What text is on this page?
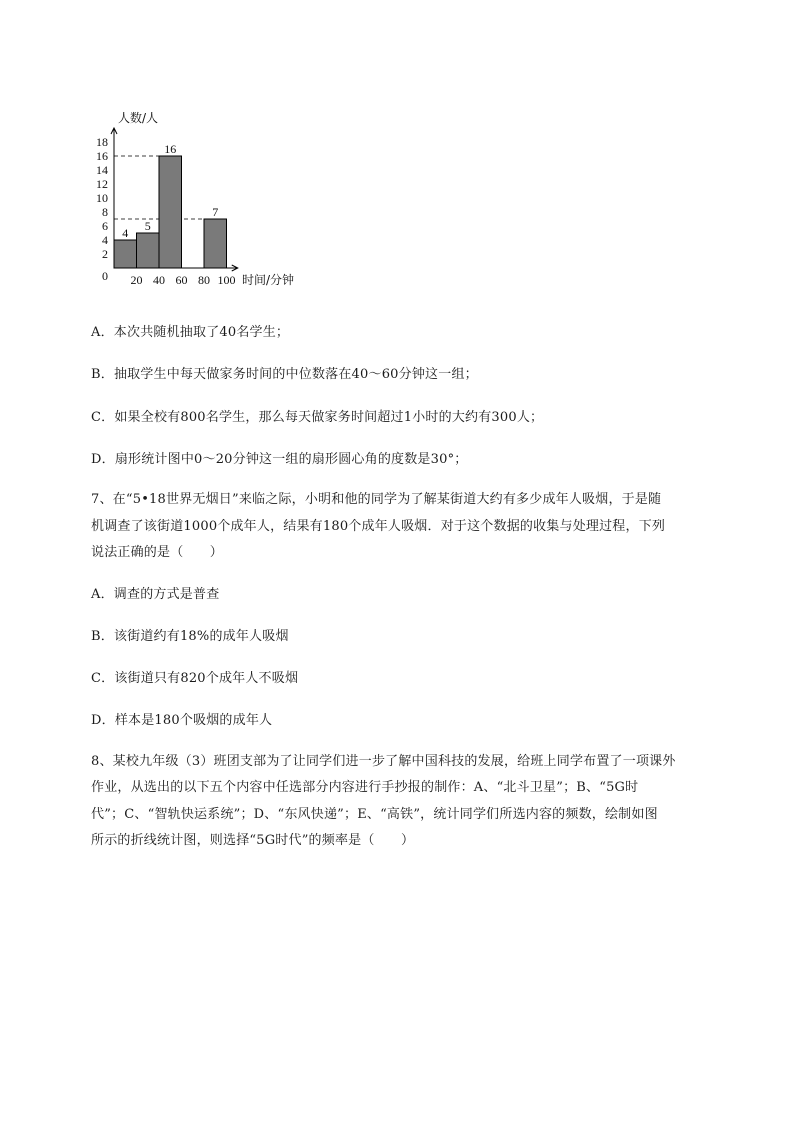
2
4
6
8
10
12
14
16
18
20 40 60 80 100
4 5
16
7
0
人数/人
时间/分钟
A．本次共随机抽取了40名学生；
B．抽取学生中每天做家务时间的中位数落在40～60分钟这一组；
C．如果全校有800名学生，那么每天做家务时间超过1小时的大约有300人；
D．扇形统计图中0～20分钟这一组的扇形圆心角的度数是30°；
7、在“5•18世界无烟日”来临之际，小明和他的同学为了解某街道大约有多少成年人吸烟，于是随
机调查了该街道1000个成年人，结果有180个成年人吸烟．对于这个数据的收集与处理过程，下列
说法正确的是（　　）
A．调查的方式是普查
B．该街道约有18%的成年人吸烟
C．该街道只有820个成年人不吸烟
D．样本是180个吸烟的成年人
8、某校九年级（3）班团支部为了让同学们进一步了解中国科技的发展，给班上同学布置了一项课外
作业，从选出的以下五个内容中任选部分内容进行手抄报的制作：A、“北斗卫星”；B、“5G时
代”；C、“智轨快运系统”；D、“东风快递”；E、“高铁”，统计同学们所选内容的频数，绘制如图
所示的折线统计图，则选择“5G时代”的频率是（　　）
